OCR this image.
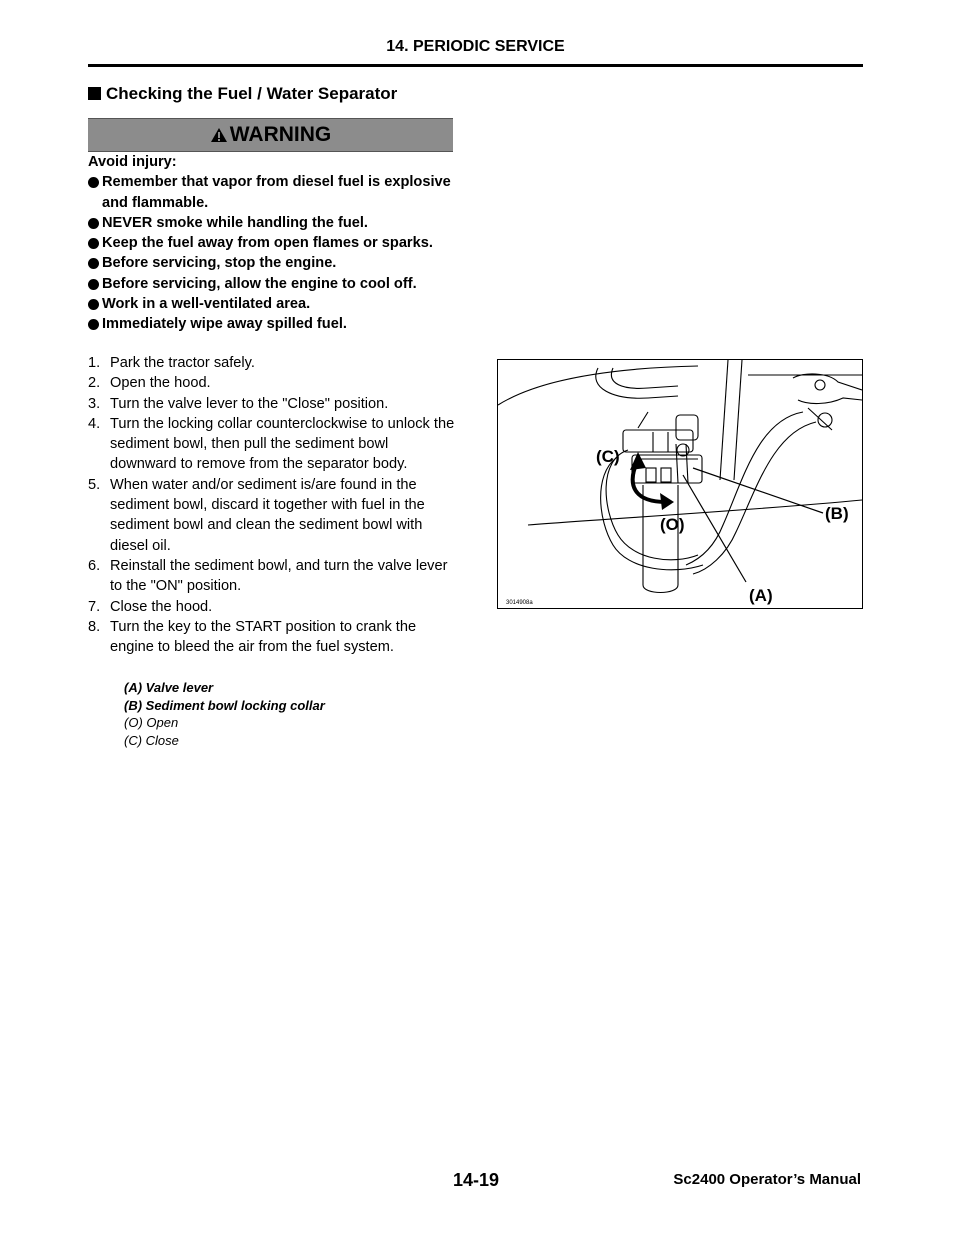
14. PERIODIC SERVICE
Checking the Fuel / Water Separator
WARNING
Avoid injury:
Remember that vapor from diesel fuel is explosive and flammable.
NEVER smoke while handling the fuel.
Keep the fuel away from open flames or sparks.
Before servicing, stop the engine.
Before servicing, allow the engine to cool off.
Work in a well-ventilated area.
Immediately wipe away spilled fuel.
1. Park the tractor safely.
2. Open the hood.
3. Turn the valve lever to the "Close" position.
4. Turn the locking collar counterclockwise to unlock the sediment bowl, then pull the sediment bowl downward to remove from the separator body.
5. When water and/or sediment is/are found in the sediment bowl, discard it together with fuel in the sediment bowl and clean the sediment bowl with diesel oil.
6. Reinstall the sediment bowl, and turn the valve lever to the "ON" position.
7. Close the hood.
8. Turn the key to the START position to crank the engine to bleed the air from the fuel system.
(A) Valve lever
(B) Sediment bowl locking collar
(O) Open
(C) Close
(C)
(O)
(B)
(A)
3014908a
14-19	Sc2400 Operator’s Manual
